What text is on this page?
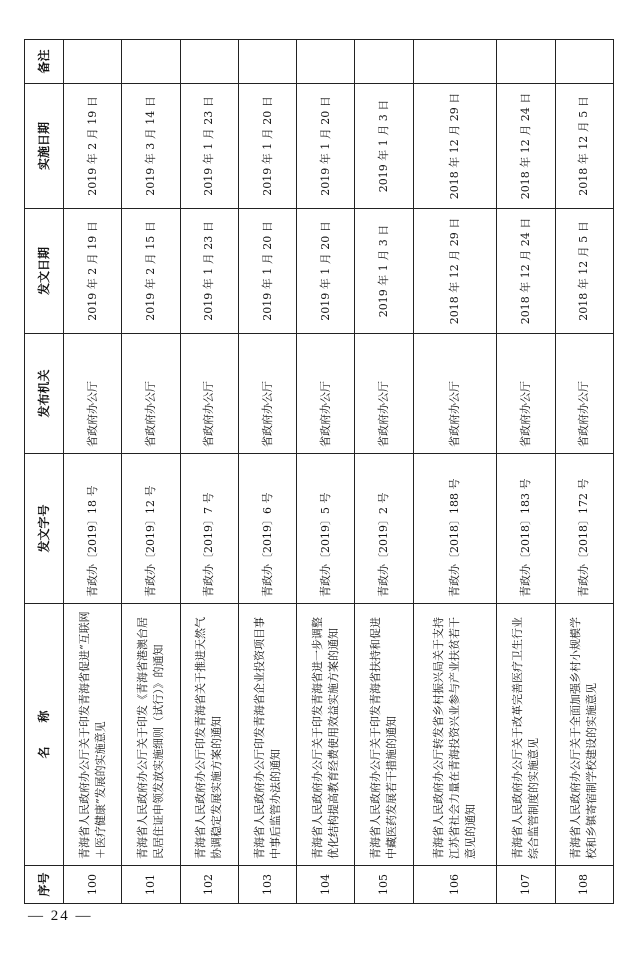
序号	名　　称	发文字号	发布机关	发文日期	实施日期	备注
100	青海省人民政府办公厅关于印发青海省促进“互联网＋医疗健康”发展的实施意见	青政办〔2019〕18 号	省政府办公厅	2019 年 2 月 19 日	2019 年 2 月 19 日	
101	青海省人民政府办公厅关于印发《青海省港澳台居民居住证申领发放实施细则（试行）》的通知	青政办〔2019〕12 号	省政府办公厅	2019 年 2 月 15 日	2019 年 3 月 14 日	
102	青海省人民政府办公厅印发青海省关于推进天然气协调稳定发展实施方案的通知	青政办〔2019〕7 号	省政府办公厅	2019 年 1 月 23 日	2019 年 1 月 23 日	
103	青海省人民政府办公厅印发青海省企业投资项目事中事后监管办法的通知	青政办〔2019〕6 号	省政府办公厅	2019 年 1 月 20 日	2019 年 1 月 20 日	
104	青海省人民政府办公厅关于印发青海省进一步调整优化结构提高教育经费使用效益实施方案的通知	青政办〔2019〕5 号	省政府办公厅	2019 年 1 月 20 日	2019 年 1 月 20 日	
105	青海省人民政府办公厅关于印发青海省扶持和促进中藏医药发展若干措施的通知	青政办〔2019〕2 号	省政府办公厅	2019 年 1 月 3 日	2019 年 1 月 3 日	
106	青海省人民政府办公厅转发省乡村振兴局关于支持江苏省社会力量在青海投资兴业参与产业扶贫若干意见的通知	青政办〔2018〕188 号	省政府办公厅	2018 年 12 月 29 日	2018 年 12 月 29 日	
107	青海省人民政府办公厅关于改革完善医疗卫生行业综合监管制度的实施意见	青政办〔2018〕183 号	省政府办公厅	2018 年 12 月 24 日	2018 年 12 月 24 日	
108	青海省人民政府办公厅关于全面加强乡村小规模学校和乡镇寄宿制学校建设的实施意见	青政办〔2018〕172 号	省政府办公厅	2018 年 12 月 5 日	2018 年 12 月 5 日	
— 24 —
